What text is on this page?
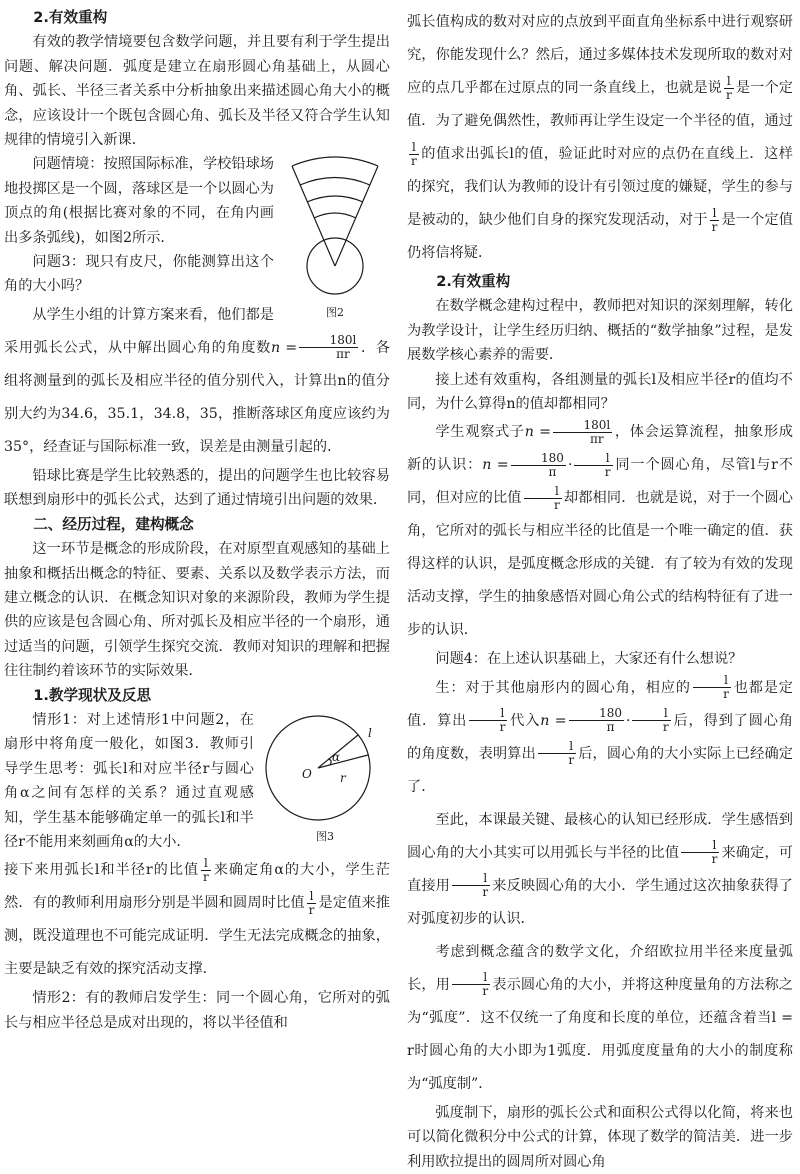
2.有效重构

有效的教学情境要包含数学问题，并且要有利于学生提出问题、解决问题．弧度是建立在扇形圆心角基础上，从圆心角、弧长、半径三者关系中分析抽象出来描述圆心角大小的概念，应该设计一个既包含圆心角、弧长及半径又符合学生认知规律的情境引入新课．

图2

问题情境：按照国际标准，学校铅球场地投掷区是一个圆，落球区是一个以圆心为顶点的角(根据比赛对象的不同，在角内画出多条弧线)，如图2所示．

问题3：现只有皮尺，你能测算出这个角的大小吗？

从学生小组的计算方案来看，他们都是采用弧长公式，从中解出圆心角的角度数$n = \frac{180l}{\pi r}$ ．各组将测量到的弧长及相应半径的值分别代入，计算出n的值分别大约为34.6，35.1，34.8，35，推断落球区角度应该约为35°，经查证与国际标准一致，误差是由测量引起的．

铅球比赛是学生比较熟悉的，提出的问题学生也比较容易联想到扇形中的弧长公式，达到了通过情境引出问题的效果．

二、经历过程，建构概念

这一环节是概念的形成阶段，在对原型直观感知的基础上抽象和概括出概念的特征、要素、关系以及数学表示方法，而建立概念的认识．在概念知识对象的来源阶段，教师为学生提供的应该是包含圆心角、所对弧长及相应半径的一个扇形，通过适当的问题，引领学生探究交流．教师对知识的理解和把握往往制约着该环节的实际效果．

1.教学现状及反思
O
α
r
l
图3

情形1：对上述情形1中问题2，在扇形中将角度一般化，如图3．教师引导学生思考：弧长l和对应半径r与圆心角α之间有怎样的关系？通过直观感知，学生基本能够确定单一的弧长l和半径r不能用来刻画角α的大小．

接下来用弧长l和半径r的比值 $\frac{l}{r}$ 来确定角α的大小，学生茫然．有的教师利用扇形分别是半圆和圆周时比值 $\frac{l}{r}$ 是定值来推测，既没道理也不可能完成证明．学生无法完成概念的抽象，主要是缺乏有效的探究活动支撑．

情形2：有的教师启发学生：同一个圆心角，它所对的弧长与相应半径总是成对出现的，将以半径值和

弧长值构成的数对对应的点放到平面直角坐标系中进行观察研究，你能发现什么？然后，通过多媒体技术发现所取的数对对应的点几乎都在过原点的同一条直线上，也就是说 $\frac{l}{r}$ 是一个定值．为了避免偶然性，教师再让学生设定一个半径的值，通过
$\frac{l}{r}$ 的值求出弧长l的值，验证此时对应的点仍在直线上．这样的探究，我们认为教师的设计有引领过度的嫌疑，学生的参与是被动的，缺少他们自身的探究发现活动，对于 $\frac{l}{r}$ 是一个定值仍将信将疑．

2.有效重构

在数学概念建构过程中，教师把对知识的深刻理解，转化为教学设计，让学生经历归纳、概括的“数学抽象”过程，是发展数学核心素养的需要．

接上述有效重构，各组测量的弧长l及相应半径r的值均不同，为什么算得n的值却都相同？

学生观察式子$n = \frac{180l}{\pi r}$ ，体会运算流程，抽象形成新的认识：$n = \frac{180}{\pi} \cdot \frac{l}{r}$ 同一个圆心角，尽管l与r不同，但对应的比值 $\frac{l}{r}$ 却都相同．也就是说，对于一个圆心角，它所对的弧长与相应半径的比值是一个唯一确定的值．获得这样的认识，是弧度概念形成的关键．有了较为有效的发现活动支撑，学生的抽象感悟对圆心角公式的结构特征有了进一步的认识．

问题4：在上述认识基础上，大家还有什么想说？

生：对于其他扇形内的圆心角，相应的 $\frac{l}{r}$ 也都是定值．算出 $\frac{l}{r}$ 代入$n = \frac{180}{\pi} \cdot \frac{l}{r}$ 后，得到了圆心角的角度数，表明算出 $\frac{l}{r}$ 后，圆心角的大小实际上已经确定了．

至此，本课最关键、最核心的认知已经形成．学生感悟到圆心角的大小其实可以用弧长与半径的比值 $\frac{l}{r}$ 来确定，可直接用 $\frac{l}{r}$ 来反映圆心角的大小．学生通过这次抽象获得了对弧度初步的认识．

考虑到概念蕴含的数学文化，介绍欧拉用半径来度量弧长，用 $\frac{l}{r}$ 表示圆心角的大小，并将这种度量角的方法称之为“弧度”．这不仅统一了角度和长度的单位，还蕴含着当l = r时圆心角的大小即为1弧度．用弧度度量角的大小的制度称为“弧度制”．

弧度制下，扇形的弧长公式和面积公式得以化简，将来也可以简化微积分中公式的计算，体现了数学的简洁美．进一步利用欧拉提出的圆周所对圆心角
